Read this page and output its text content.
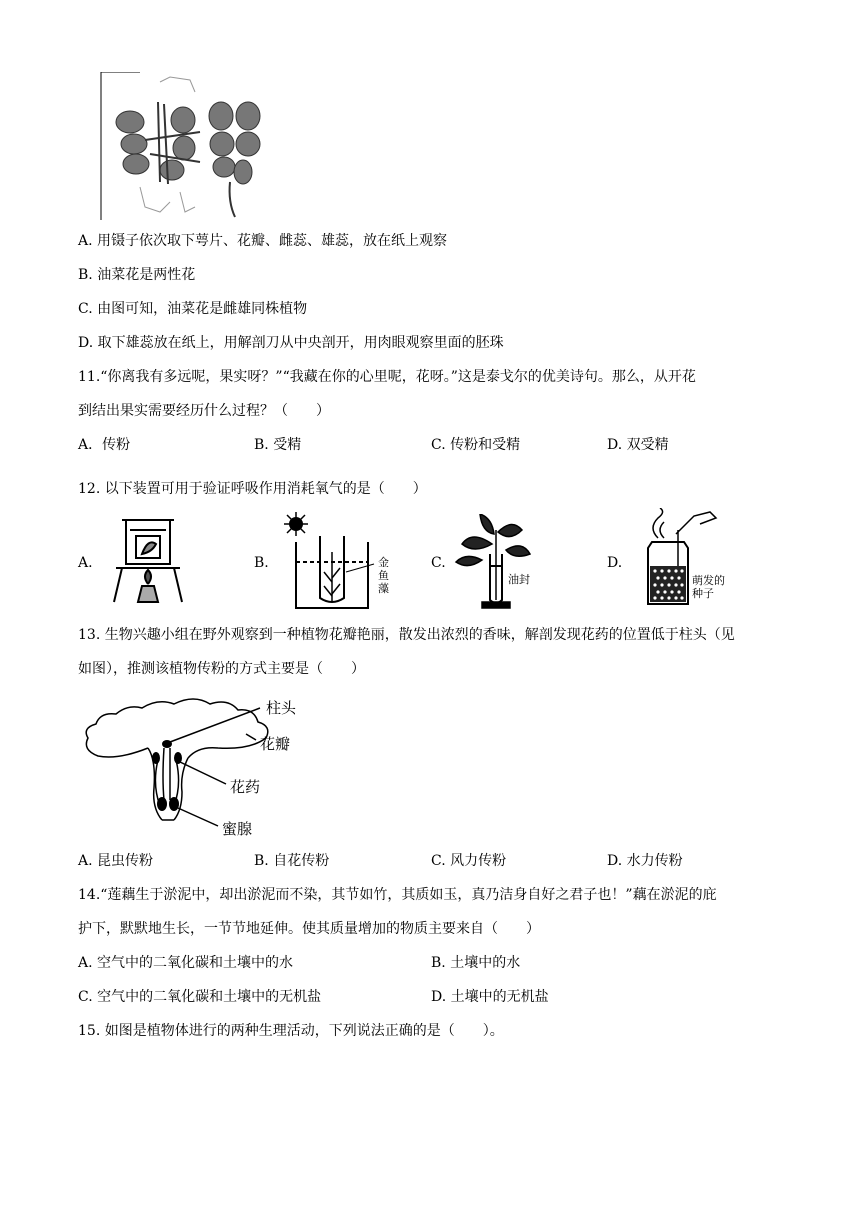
A. 用镊子依次取下萼片、花瓣、雌蕊、雄蕊，放在纸上观察
B. 油菜花是两性花
C. 由图可知，油菜花是雌雄同株植物
D. 取下雄蕊放在纸上，用解剖刀从中央剖开，用肉眼观察里面的胚珠
11.“你离我有多远呢，果实呀？”“我藏在你的心里呢，花呀。”这是泰戈尔的优美诗句。那么，从开花
到结出果实需要经历什么过程？（　　）
A．传粉	B. 受精	C. 传粉和受精	D. 双受精
12. 以下装置可用于验证呼吸作用消耗氧气的是（　　）
A.	B.	C.	D.
金
鱼
藻
油封	萌发的
种子
13. 生物兴趣小组在野外观察到一种植物花瓣艳丽，散发出浓烈的香味，解剖发现花药的位置低于柱头（见
如图），推测该植物传粉的方式主要是（　　）
柱头
花瓣
花药
蜜腺
A. 昆虫传粉	B. 自花传粉	C. 风力传粉	D. 水力传粉
14.“莲藕生于淤泥中，却出淤泥而不染，其节如竹，其质如玉，真乃洁身自好之君子也！”藕在淤泥的庇
护下，默默地生长，一节节地延伸。使其质量增加的物质主要来自（　　）
A. 空气中的二氧化碳和土壤中的水	B. 土壤中的水
C. 空气中的二氧化碳和土壤中的无机盐	D. 土壤中的无机盐
15. 如图是植物体进行的两种生理活动，下列说法正确的是（　　）。
